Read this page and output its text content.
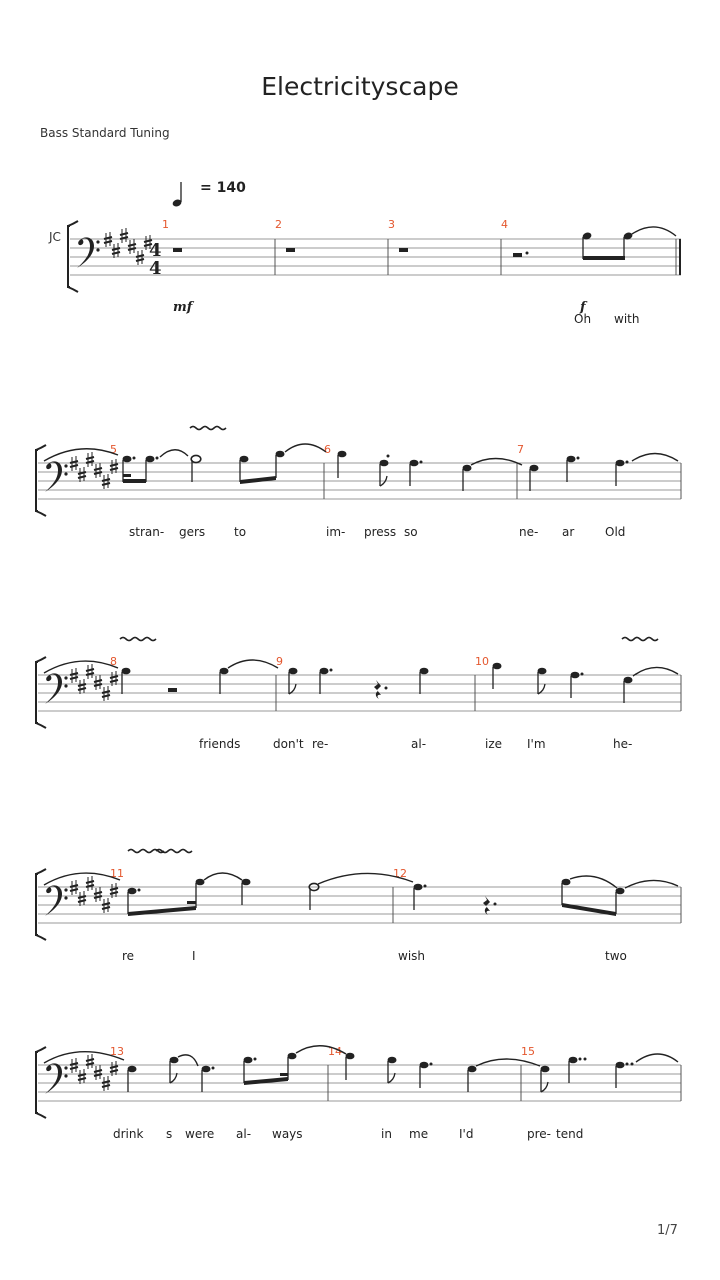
Electricityscape
Bass Standard Tuning
= 140
JC
1	2	3	4
5	6	7
8	9	10
11	12
13	14	15
mf	f
Oh with
stran- gers to	im- press so	ne- ar	Old
friends	don't re-	al-	ize I'm	he-
re	I	wish	two
drink s were al- ways	in me	I'd	pre- tend
1/7
4
4
